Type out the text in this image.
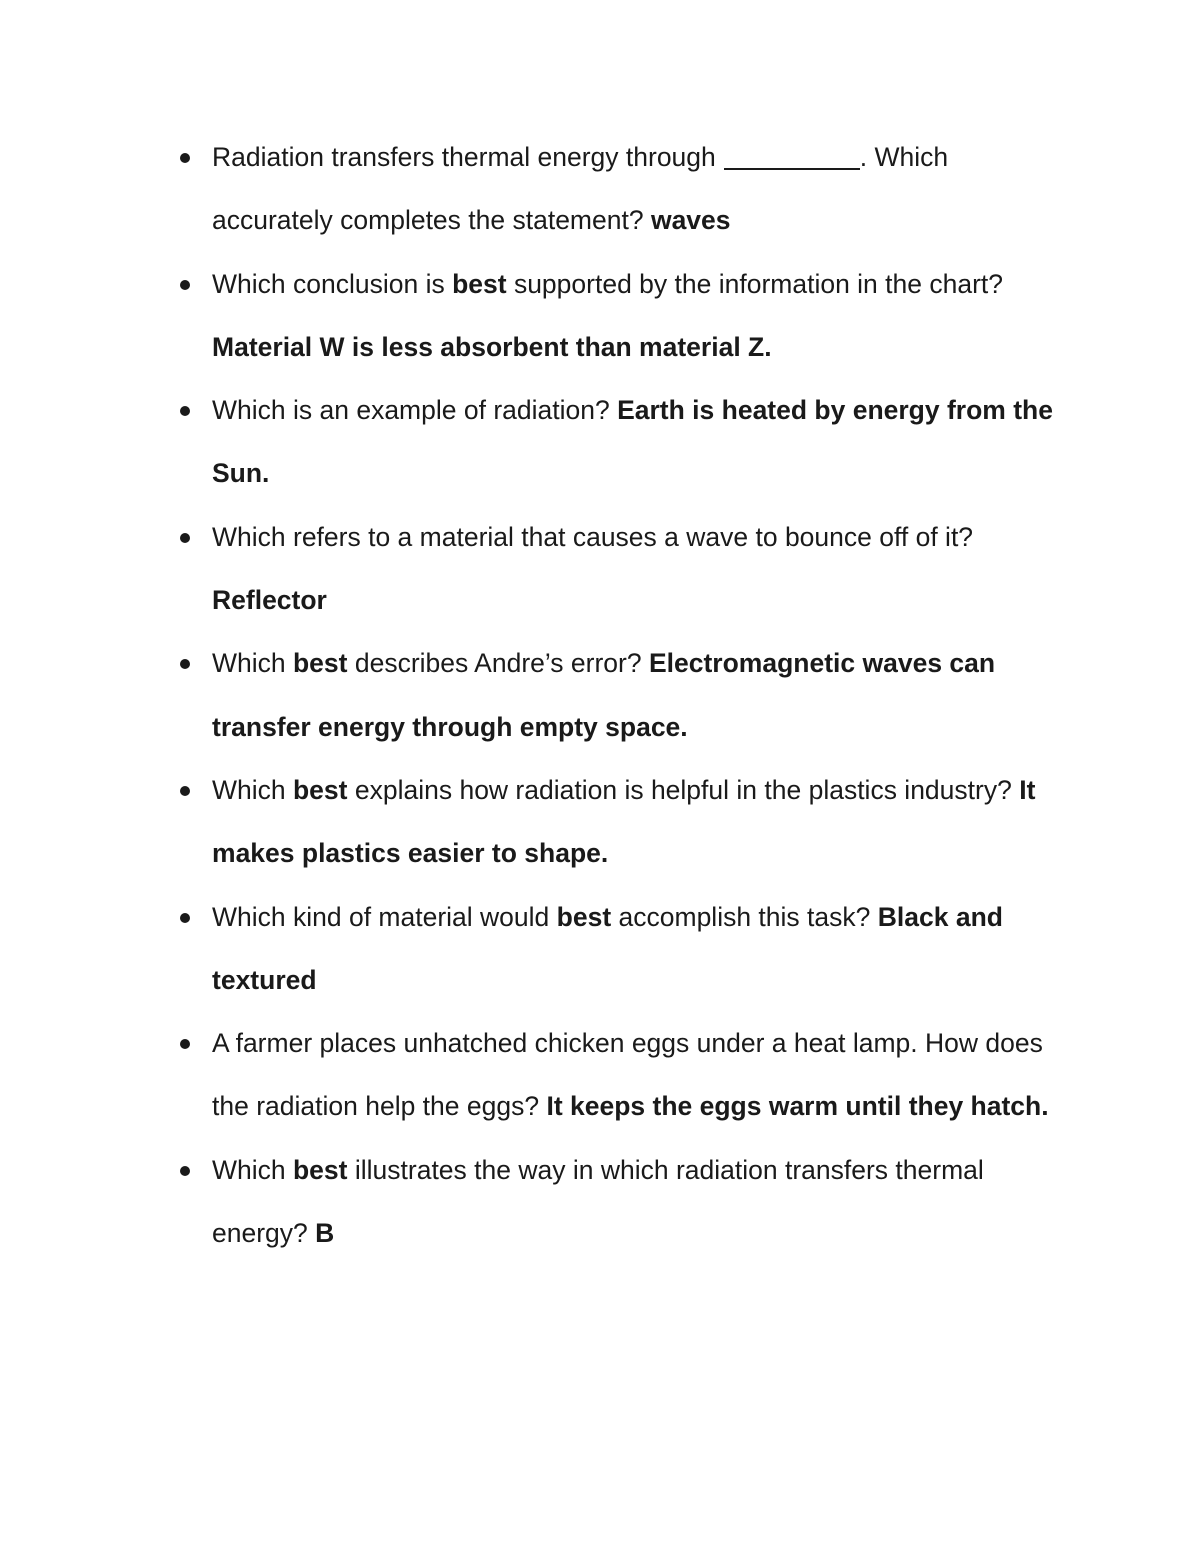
Radiation transfers thermal energy through	. Which accurately completes the statement? waves
Which conclusion is best supported by the information in the chart? Material W is less absorbent than material Z.
Which is an example of radiation? Earth is heated by energy from the Sun.
Which refers to a material that causes a wave to bounce off of it? Reflector
Which best describes Andre’s error? Electromagnetic waves can transfer energy through empty space.
Which best explains how radiation is helpful in the plastics industry? It makes plastics easier to shape.
Which kind of material would best accomplish this task? Black and textured
A farmer places unhatched chicken eggs under a heat lamp. How does the radiation help the eggs? It keeps the eggs warm until they hatch.
Which best illustrates the way in which radiation transfers thermal energy? B
